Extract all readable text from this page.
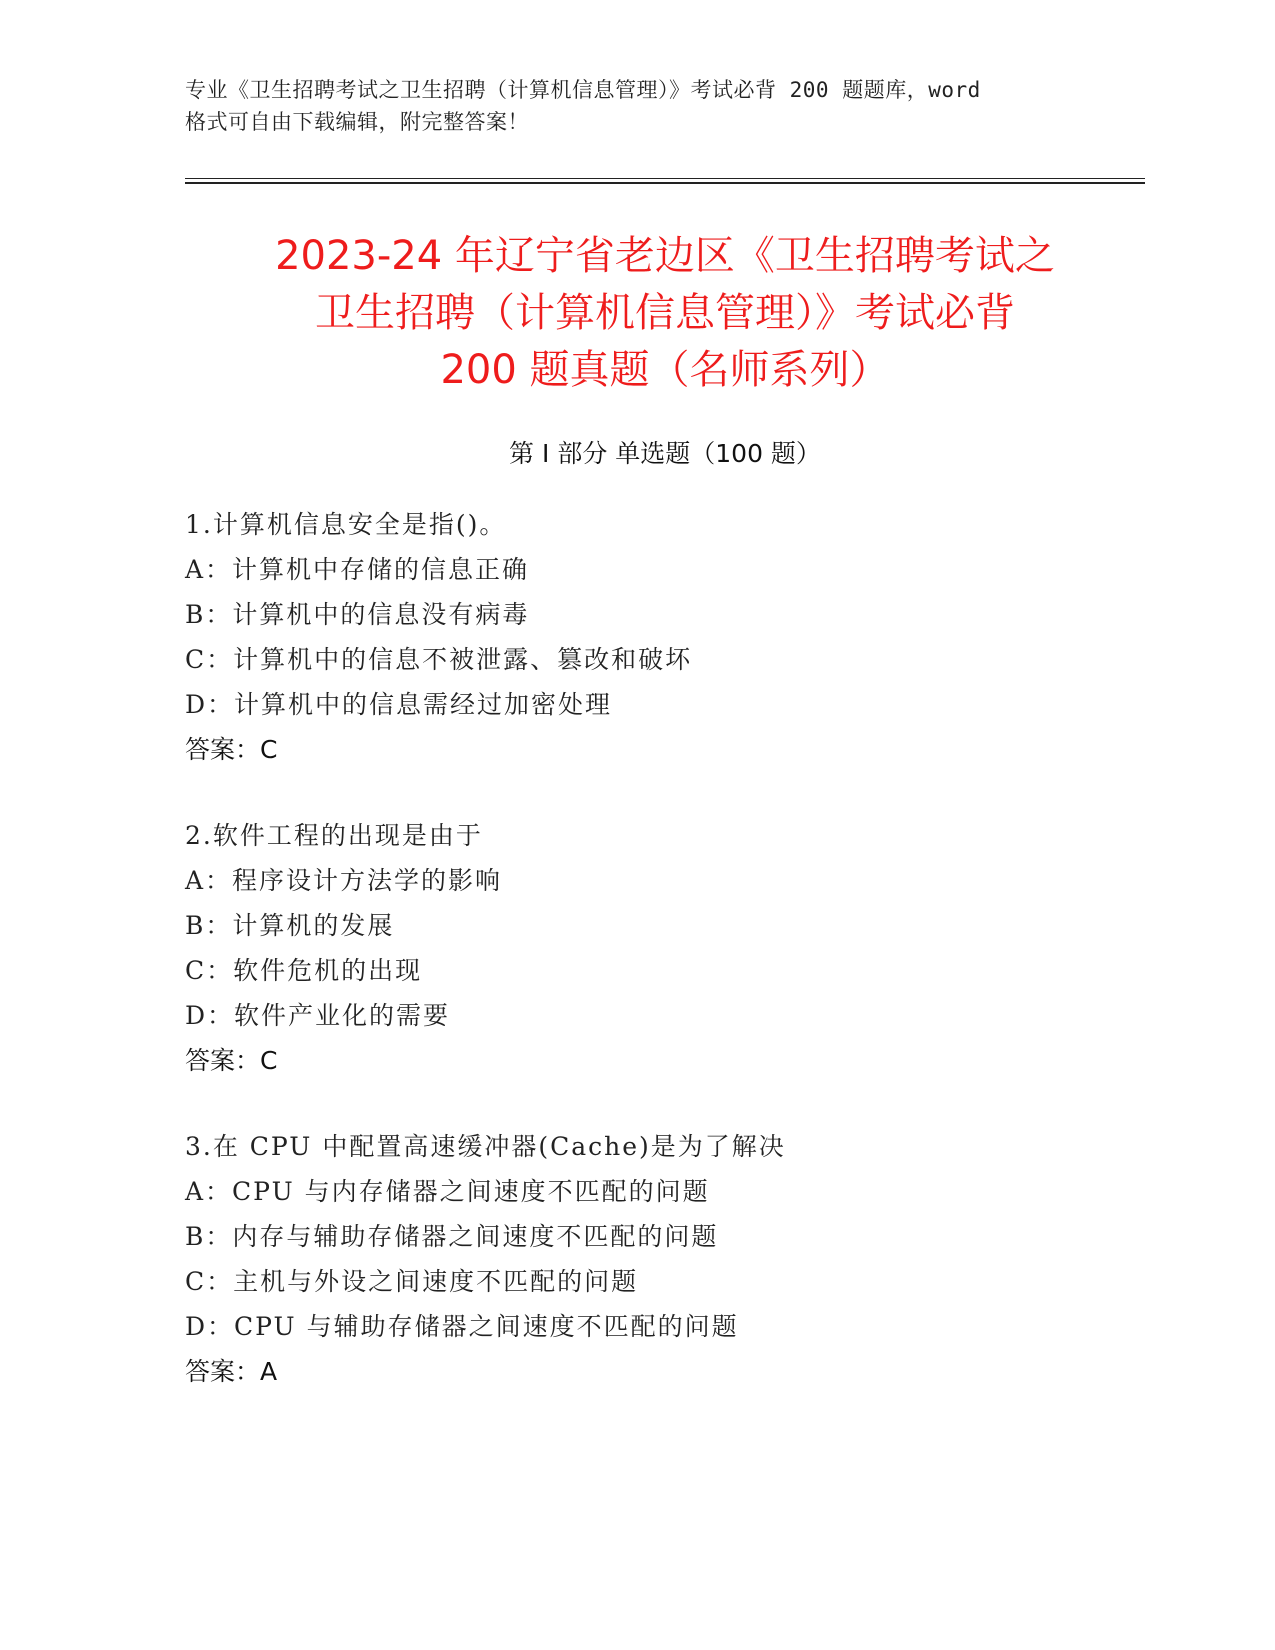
专业《卫生招聘考试之卫生招聘（计算机信息管理）》考试必背 200 题题库，word
格式可自由下载编辑，附完整答案！
2023-24 年辽宁省老边区《卫生招聘考试之
卫生招聘（计算机信息管理）》考试必背
200 题真题（名师系列）
第 I 部分 单选题（100 题）
1.计算机信息安全是指()。
A：计算机中存储的信息正确
B：计算机中的信息没有病毒
C：计算机中的信息不被泄露、篡改和破坏
D：计算机中的信息需经过加密处理
答案：C
2.软件工程的出现是由于
A：程序设计方法学的影响
B：计算机的发展
C：软件危机的出现
D：软件产业化的需要
答案：C
3.在 CPU 中配置高速缓冲器(Cache)是为了解决
A：CPU 与内存储器之间速度不匹配的问题
B：内存与辅助存储器之间速度不匹配的问题
C：主机与外设之间速度不匹配的问题
D：CPU 与辅助存储器之间速度不匹配的问题
答案：A
